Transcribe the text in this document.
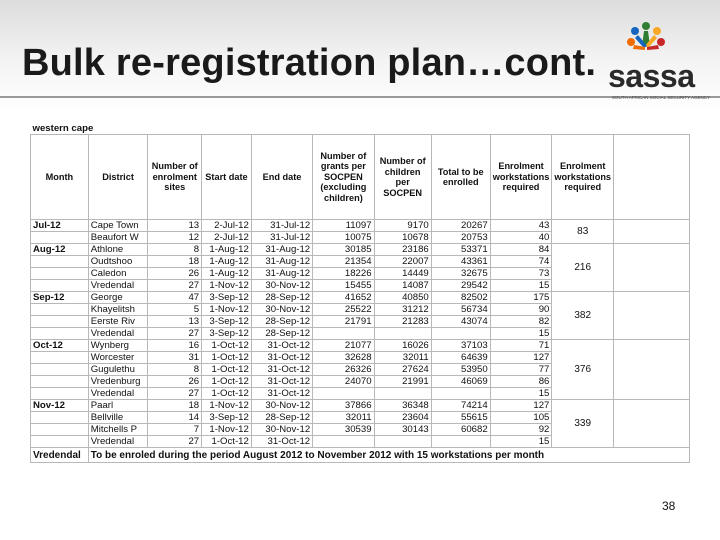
Bulk re-registration plan…cont. sassa
SOUTH AFRICAN SOCIAL SECURITY AGENCY
western cape										
Month	District	Number of enrolment sites	Start date	End date	Number of grants per SOCPEN (excluding children)	Number of children per SOCPEN	Total to be enrolled	Enrolment workstations required	Enrolment workstations required	
Jul-12	Cape Town	13	2-Jul-12	31-Jul-12	11097	9170	20267	43	83	
	Beaufort W	12	2-Jul-12	31-Jul-12	10075	10678	20753	40		
Aug-12	Athlone	8	1-Aug-12	31-Aug-12	30185	23186	53371	84	216	
	Oudtshoo	18	1-Aug-12	31-Aug-12	21354	22007	43361	74		
	Caledon	26	1-Aug-12	31-Aug-12	18226	14449	32675	73		
	Vredendal	27	1-Nov-12	30-Nov-12	15455	14087	29542	15		
Sep-12	George	47	3-Sep-12	28-Sep-12	41652	40850	82502	175	382	
	Khayelitsh	5	1-Nov-12	30-Nov-12	25522	31212	56734	90		
	Eerste Riv	13	3-Sep-12	28-Sep-12	21791	21283	43074	82		
	Vredendal	27	3-Sep-12	28-Sep-12				15		
Oct-12	Wynberg	16	1-Oct-12	31-Oct-12	21077	16026	37103	71	376	
	Worcester	31	1-Oct-12	31-Oct-12	32628	32011	64639	127		
	Gugulethu	8	1-Oct-12	31-Oct-12	26326	27624	53950	77		
	Vredenburg	26	1-Oct-12	31-Oct-12	24070	21991	46069	86		
	Vredendal	27	1-Oct-12	31-Oct-12				15		
Nov-12	Paarl	18	1-Nov-12	30-Nov-12	37866	36348	74214	127	339	
	Bellville	14	3-Sep-12	28-Sep-12	32011	23604	55615	105		
	Mitchells P	7	1-Nov-12	30-Nov-12	30539	30143	60682	92		
	Vredendal	27	1-Oct-12	31-Oct-12				15		
Vredendal	To be enroled during the period August 2012 to November 2012 with 15 workstations per month									
38
